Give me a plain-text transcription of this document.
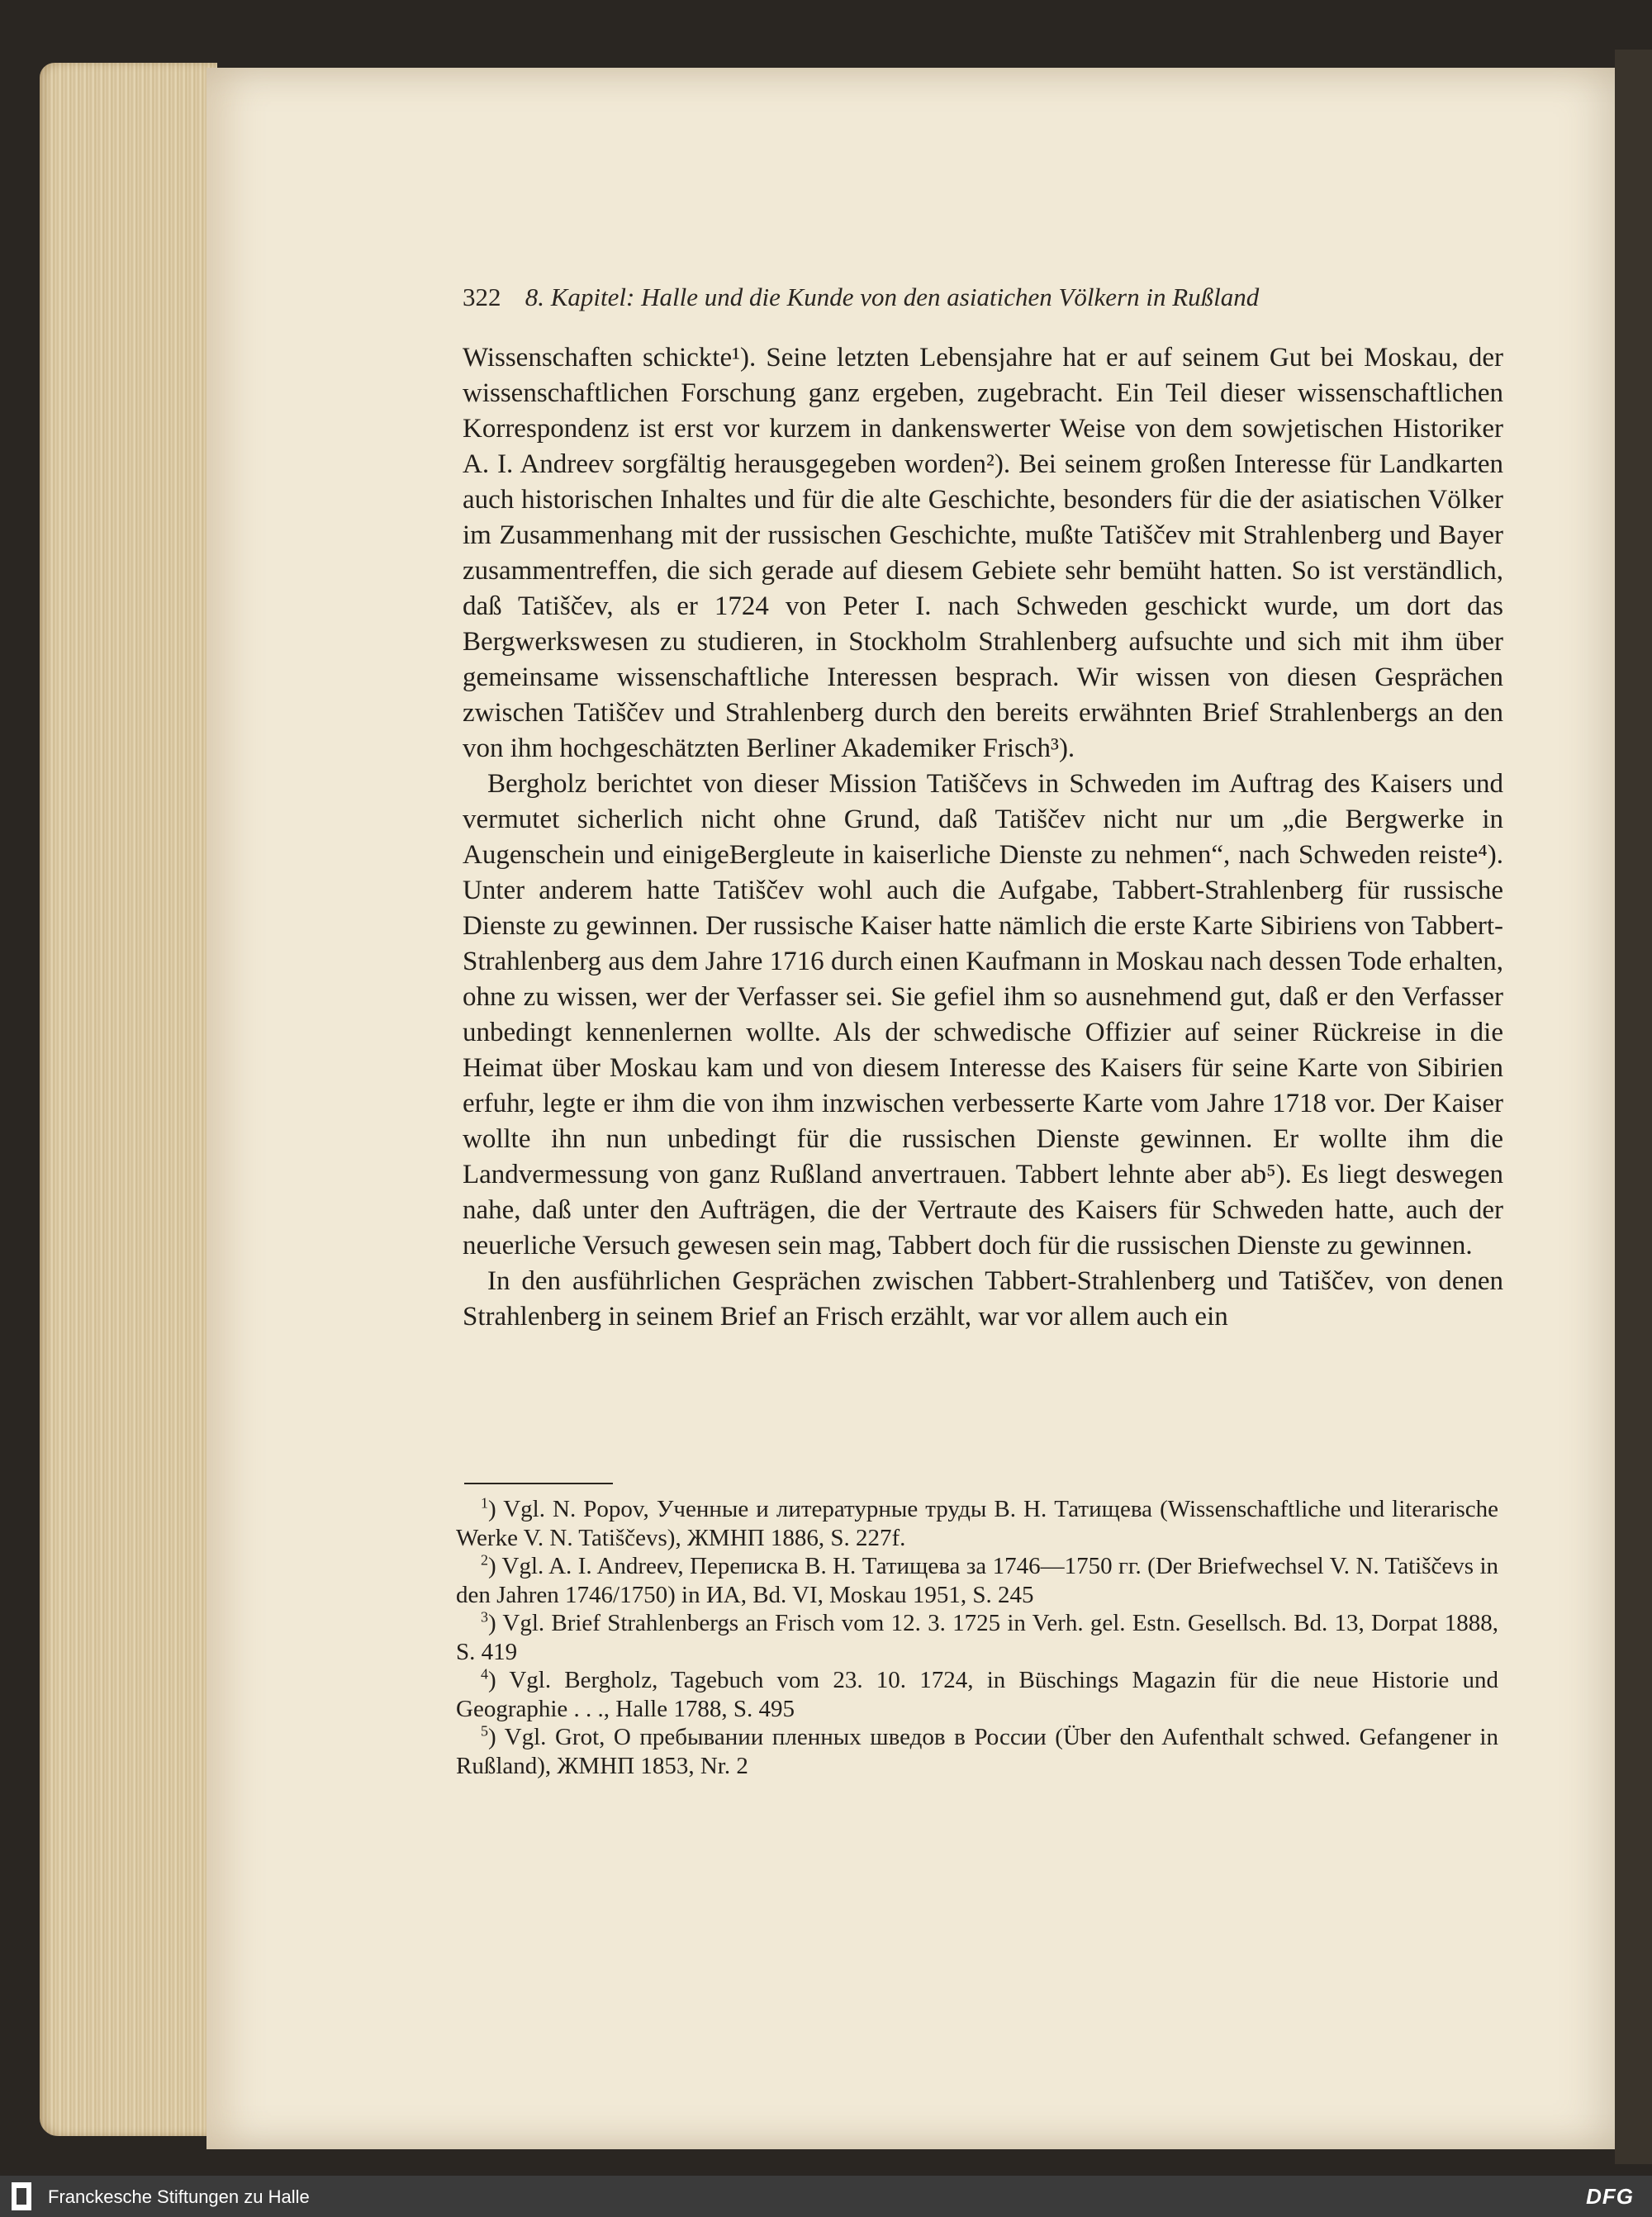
322 8. Kapitel: Halle und die Kunde von den asiatichen Völkern in Rußland

Wissenschaften schickte¹). Seine letzten Lebensjahre hat er auf seinem Gut bei Moskau, der wissenschaftlichen Forschung ganz ergeben, zugebracht. Ein Teil dieser wissenschaftlichen Korrespondenz ist erst vor kurzem in dankenswerter Weise von dem sowjetischen Historiker A. I. Andreev sorgfältig herausgegeben worden²). Bei seinem großen Interesse für Landkarten auch historischen Inhaltes und für die alte Geschichte, besonders für die der asiatischen Völker im Zusammenhang mit der russischen Geschichte, mußte Tatiščev mit Strahlenberg und Bayer zusammentreffen, die sich gerade auf diesem Gebiete sehr bemüht hatten. So ist verständlich, daß Tatiščev, als er 1724 von Peter I. nach Schweden geschickt wurde, um dort das Bergwerkswesen zu studieren, in Stockholm Strahlenberg aufsuchte und sich mit ihm über gemeinsame wissenschaftliche Interessen besprach. Wir wissen von diesen Gesprächen zwischen Tatiščev und Strahlenberg durch den bereits erwähnten Brief Strahlenbergs an den von ihm hochgeschätzten Berliner Akademiker Frisch³).

Bergholz berichtet von dieser Mission Tatiščevs in Schweden im Auftrag des Kaisers und vermutet sicherlich nicht ohne Grund, daß Tatiščev nicht nur um „die Bergwerke in Augenschein und einigeBergleute in kaiserliche Dienste zu nehmen“, nach Schweden reiste⁴). Unter anderem hatte Tatiščev wohl auch die Aufgabe, Tabbert-Strahlenberg für russische Dienste zu gewinnen. Der russische Kaiser hatte nämlich die erste Karte Sibiriens von Tabbert-Strahlenberg aus dem Jahre 1716 durch einen Kaufmann in Moskau nach dessen Tode erhalten, ohne zu wissen, wer der Verfasser sei. Sie gefiel ihm so ausnehmend gut, daß er den Verfasser unbedingt kennenlernen wollte. Als der schwedische Offizier auf seiner Rückreise in die Heimat über Moskau kam und von diesem Interesse des Kaisers für seine Karte von Sibirien erfuhr, legte er ihm die von ihm inzwischen verbesserte Karte vom Jahre 1718 vor. Der Kaiser wollte ihn nun unbedingt für die russischen Dienste gewinnen. Er wollte ihm die Landvermessung von ganz Rußland anvertrauen. Tabbert lehnte aber ab⁵). Es liegt deswegen nahe, daß unter den Aufträgen, die der Vertraute des Kaisers für Schweden hatte, auch der neuerliche Versuch gewesen sein mag, Tabbert doch für die russischen Dienste zu gewinnen.

In den ausführlichen Gesprächen zwischen Tabbert-Strahlenberg und Tatiščev, von denen Strahlenberg in seinem Brief an Frisch erzählt, war vor allem auch ein

$^1$) Vgl. N. Popov, Ученные и литературные труды В. Н. Татищева (Wissenschaftliche und literarische Werke V. N. Tatiščevs), ЖМНП 1886, S. 227f.

$^2$) Vgl. A. I. Andreev, Переписка В. Н. Татищева за 1746—1750 гг. (Der Briefwechsel V. N. Tatiščevs in den Jahren 1746/1750) in ИА, Bd. VI, Moskau 1951, S. 245

$^3$) Vgl. Brief Strahlenbergs an Frisch vom 12. 3. 1725 in Verh. gel. Estn. Gesellsch. Bd. 13, Dorpat 1888, S. 419

$^4$) Vgl. Bergholz, Tagebuch vom 23. 10. 1724, in Büschings Magazin für die neue Historie und Geographie . . ., Halle 1788, S. 495

$^5$) Vgl. Grot, О пребывании пленных шведов в России (Über den Aufenthalt schwed. Gefangener in Rußland), ЖМНП 1853, Nr. 2

Franckesche Stiftungen zu Halle	DFG
